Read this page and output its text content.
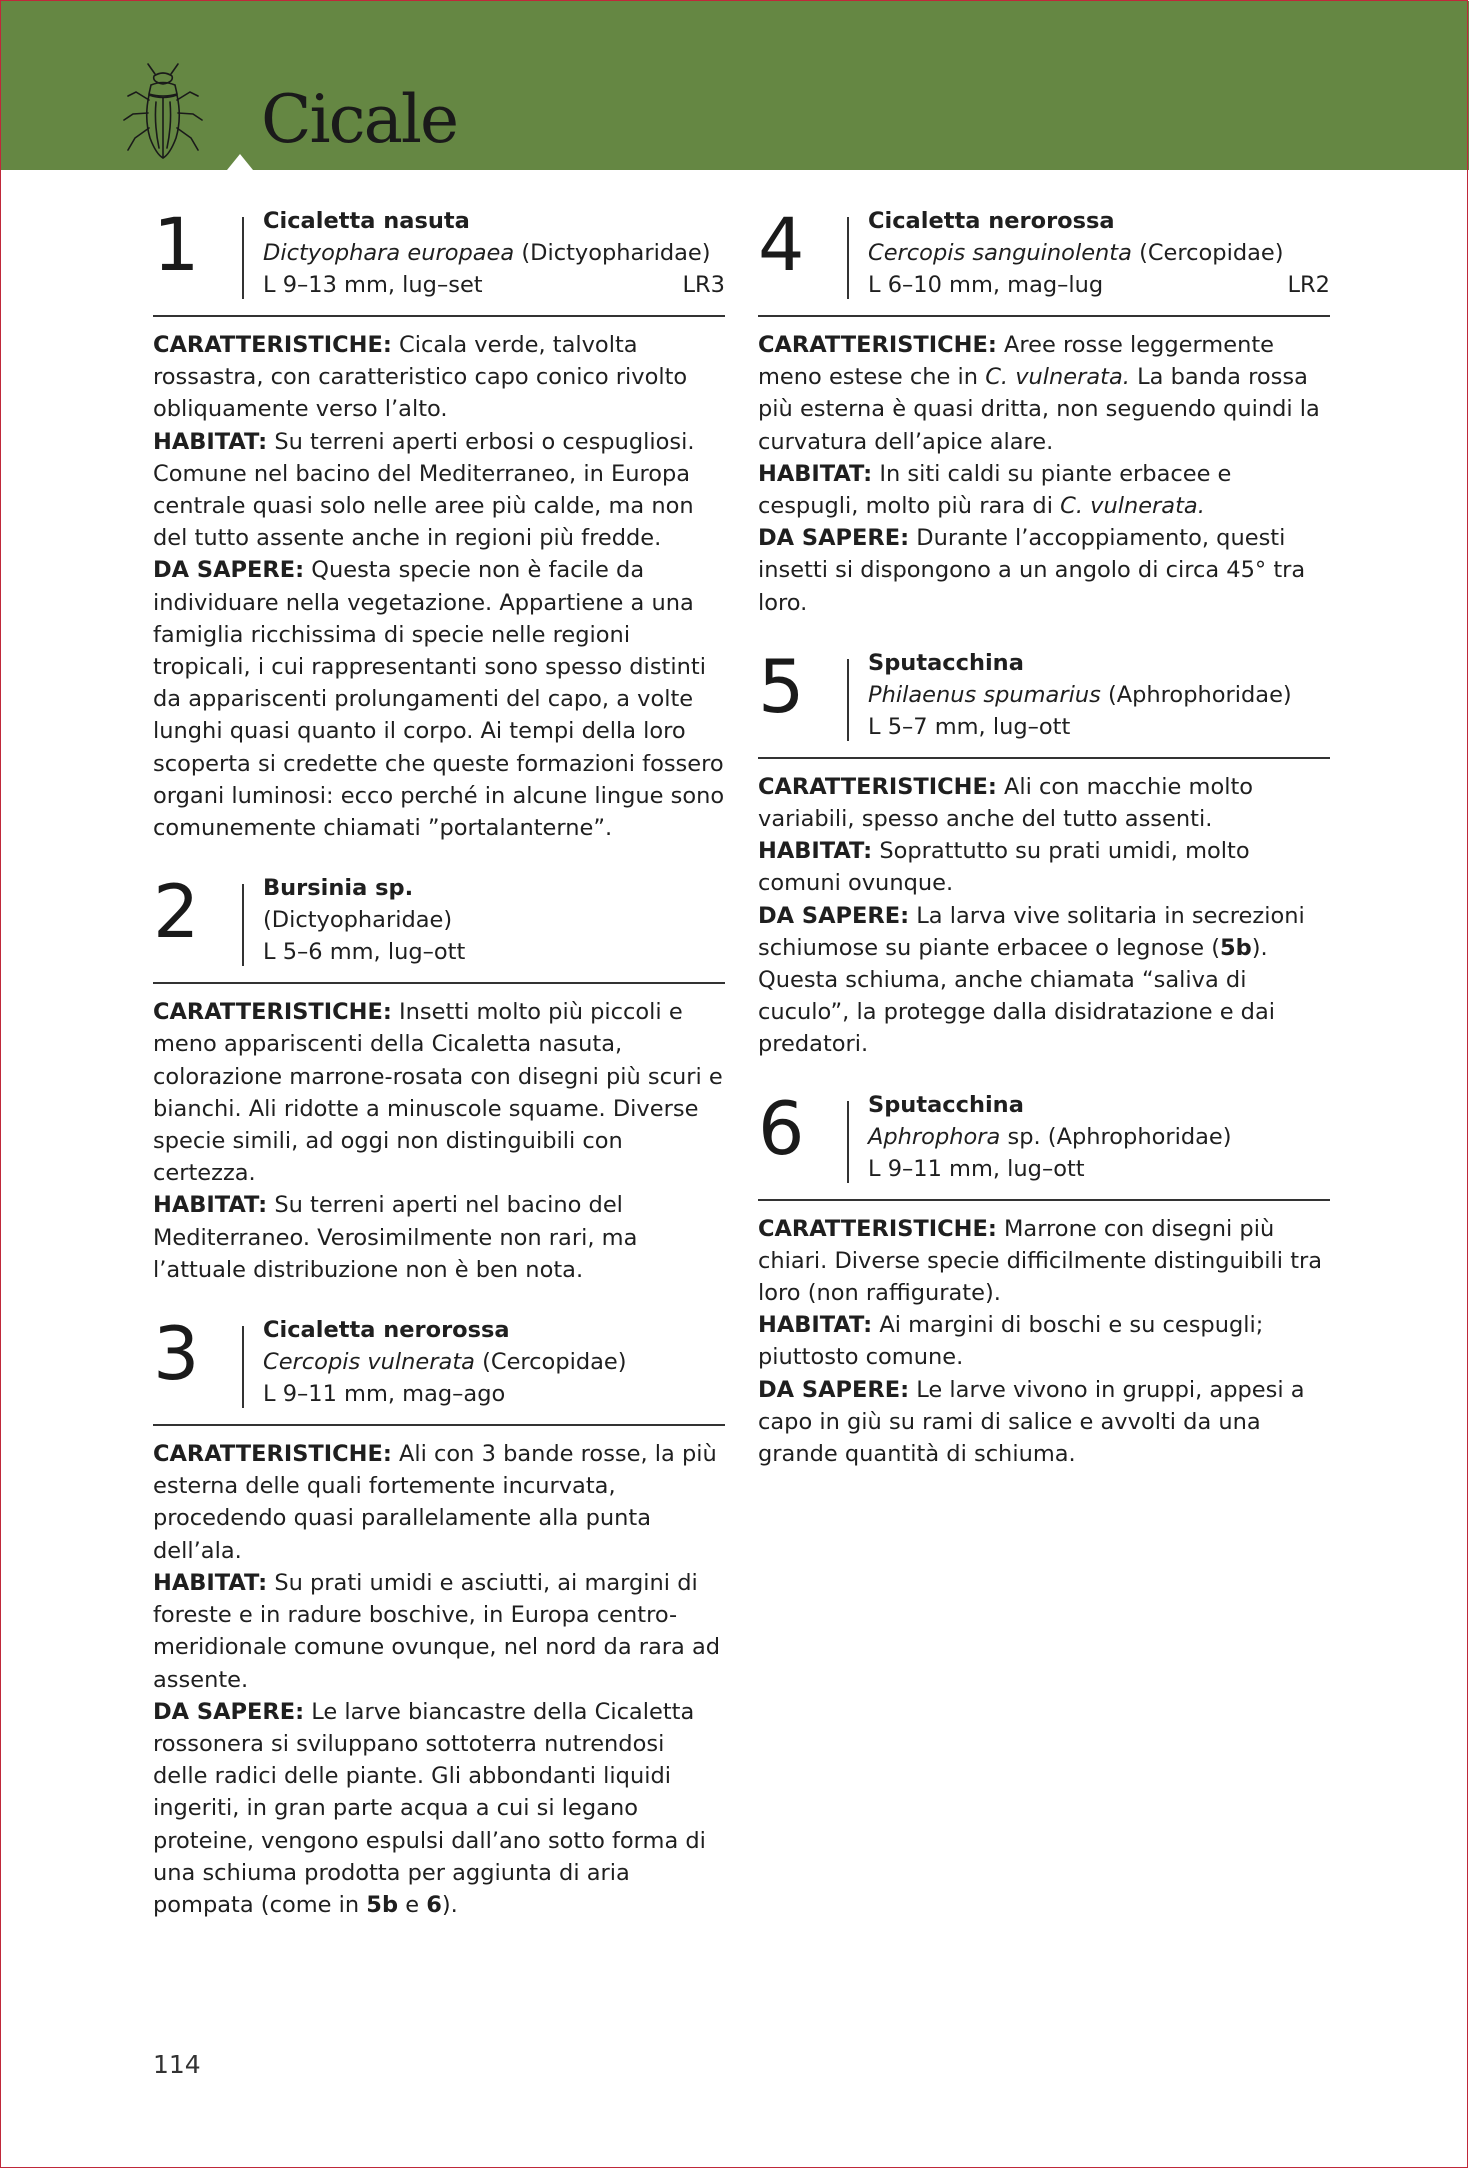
Cicale
1	Cicaletta nasuta
Dictyophara europaea (Dictyopharidae)
L 9–13 mm, lug–set	LR3

CARATTERISTICHE: Cicala verde, talvolta rossastra, con caratteristico capo conico rivolto obliquamente verso l’alto.

HABITAT: Su terreni aperti erbosi o cespugliosi. Comune nel bacino del Mediterraneo, in Europa centrale quasi solo nelle aree più calde, ma non del tutto assente anche in regioni più fredde.

DA SAPERE: Questa specie non è facile da individuare nella vegetazione. Appartiene a una famiglia ricchissima di specie nelle regioni tropicali, i cui rappresentanti sono spesso distinti da appariscenti prolungamenti del capo, a volte lunghi quasi quanto il corpo. Ai tempi della loro scoperta si credette che queste formazioni fossero organi luminosi: ecco perché in alcune lingue sono comunemente chiamati ”portalanterne”.

2	Bursinia sp.
(Dictyopharidae)
L 5–6 mm, lug–ott

CARATTERISTICHE: Insetti molto più piccoli e meno appariscenti della Cicaletta nasuta, colorazione marrone-rosata con disegni più scuri e bianchi. Ali ridotte a minuscole squame. Diverse specie simili, ad oggi non distinguibili con certezza.

HABITAT: Su terreni aperti nel bacino del Mediterraneo. Verosimilmente non rari, ma l’attuale distribuzione non è ben nota.

3	Cicaletta nerorossa
Cercopis vulnerata (Cercopidae)
L 9–11 mm, mag–ago

CARATTERISTICHE: Ali con 3 bande rosse, la più esterna delle quali fortemente incurvata, procedendo quasi parallelamente alla punta dell’ala.

HABITAT: Su prati umidi e asciutti, ai margini di foreste e in radure boschive, in Europa centro-meridionale comune ovunque, nel nord da rara ad assente.

DA SAPERE: Le larve biancastre della Cicaletta rossonera si sviluppano sottoterra nutrendosi delle radici delle piante. Gli abbondanti liquidi ingeriti, in gran parte acqua a cui si legano proteine, vengono espulsi dall’ano sotto forma di una schiuma prodotta per aggiunta di aria pompata (come in 5b e 6).

4	Cicaletta nerorossa
Cercopis sanguinolenta (Cercopidae)
L 6–10 mm, mag–lug	LR2

CARATTERISTICHE: Aree rosse leggermente meno estese che in C. vulnerata. La banda rossa più esterna è quasi dritta, non seguendo quindi la curvatura dell’apice alare.

HABITAT: In siti caldi su piante erbacee e cespugli, molto più rara di C. vulnerata.

DA SAPERE: Durante l’accoppiamento, questi insetti si dispongono a un angolo di circa 45° tra loro.

5	Sputacchina
Philaenus spumarius (Aphrophoridae)
L 5–7 mm, lug–ott

CARATTERISTICHE: Ali con macchie molto variabili, spesso anche del tutto assenti.

HABITAT: Soprattutto su prati umidi, molto comuni ovunque.

DA SAPERE: La larva vive solitaria in secrezioni schiumose su piante erbacee o legnose (5b). Questa schiuma, anche chiamata “saliva di cuculo”, la protegge dalla disidratazione e dai predatori.

6	Sputacchina
Aphrophora sp. (Aphrophoridae)
L 9–11 mm, lug–ott

CARATTERISTICHE: Marrone con disegni più chiari. Diverse specie difficilmente distinguibili tra loro (non raffigurate).

HABITAT: Ai margini di boschi e su cespugli; piuttosto comune.

DA SAPERE: Le larve vivono in gruppi, appesi a capo in giù su rami di salice e avvolti da una grande quantità di schiuma.

114
